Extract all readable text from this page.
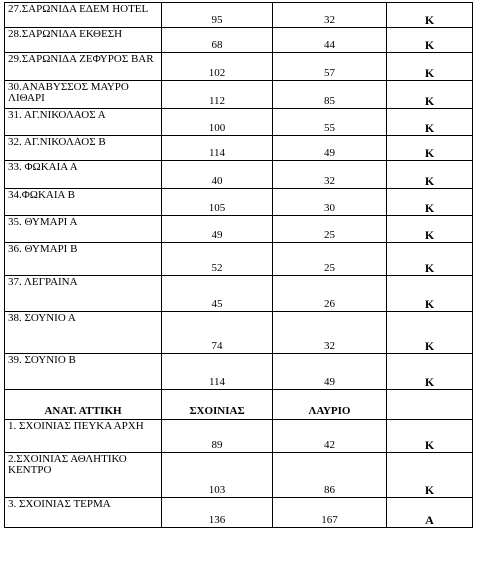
27.ΣΑΡΩΝΙΔΑ ΕΔΕΜ HOTEL	95	32	Κ
28.ΣΑΡΩΝΙΔΑ ΕΚΘΕΣΗ	68	44	Κ
29.ΣΑΡΩΝΙΔΑ ΖΕΦΥΡΟΣ BAR	102	57	Κ
30.ΑΝΑΒΥΣΣΟΣ ΜΑΥΡΟ ΛΙΘΑΡΙ	112	85	Κ
31. ΑΓ.ΝΙΚΟΛΑΟΣ Α	100	55	Κ
32. ΑΓ.ΝΙΚΟΛΑΟΣ Β	114	49	Κ
33. ΦΩΚΑΙΑ Α	40	32	Κ
34.ΦΩΚΑΙΑ Β	105	30	Κ
35. ΘΥΜΑΡΙ Α	49	25	Κ
36. ΘΥΜΑΡΙ Β	52	25	Κ
37. ΛΕΓΡΑΙΝΑ	45	26	Κ
38. ΣΟΥΝΙΟ Α	74	32	Κ
39. ΣΟΥΝΙΟ Β	114	49	Κ
ΑΝΑΤ. ΑΤΤΙΚΗ	ΣΧΟΙΝΙΑΣ	ΛΑΥΡΙΟ	
1. ΣΧΟΙΝΙΑΣ ΠΕΥΚΑ ΑΡΧΗ	89	42	Κ
2.ΣΧΟΙΝΙΑΣ ΑΘΛΗΤΙΚΟ ΚΕΝΤΡΟ	103	86	Κ
3. ΣΧΟΙΝΙΑΣ ΤΕΡΜΑ	136	167	Α
